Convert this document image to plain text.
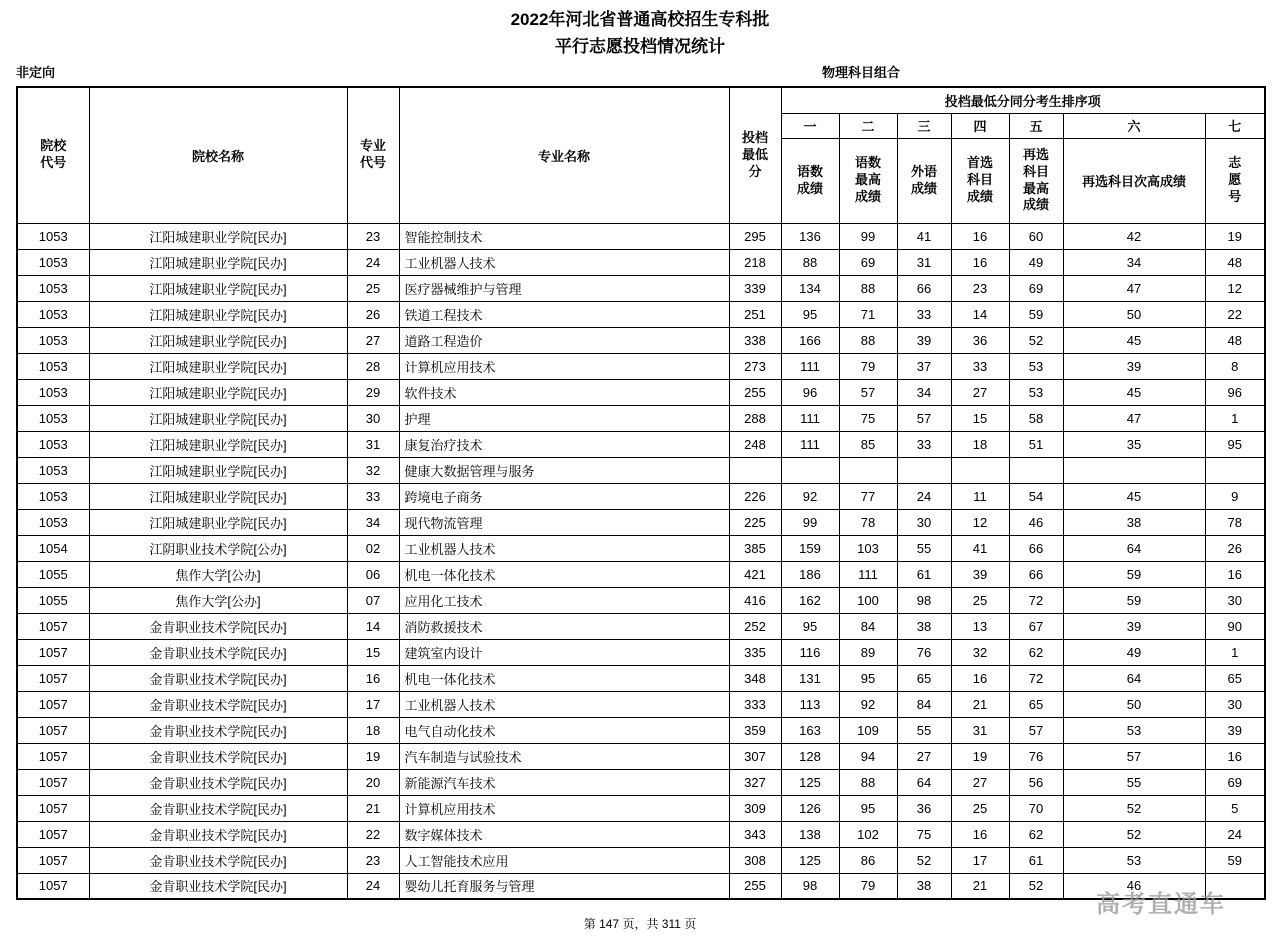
2022年河北省普通高校招生专科批
平行志愿投档情况统计
非定向	物理科目组合
院校代号	院校名称	专业代号	专业名称	投档最低分	投档最低分同分考生排序项						
					一	二	三	四	五	六	七
					语数成绩	语数最高成绩	外语成绩	首选科目成绩	再选科目最高成绩	再选科目次高成绩	志愿号
1053	江阳城建职业学院[民办]	23	智能控制技术	295	136	99	41	16	60	42	19
1053	江阳城建职业学院[民办]	24	工业机器人技术	218	88	69	31	16	49	34	48
1053	江阳城建职业学院[民办]	25	医疗器械维护与管理	339	134	88	66	23	69	47	12
1053	江阳城建职业学院[民办]	26	铁道工程技术	251	95	71	33	14	59	50	22
1053	江阳城建职业学院[民办]	27	道路工程造价	338	166	88	39	36	52	45	48
1053	江阳城建职业学院[民办]	28	计算机应用技术	273	111	79	37	33	53	39	8
1053	江阳城建职业学院[民办]	29	软件技术	255	96	57	34	27	53	45	96
1053	江阳城建职业学院[民办]	30	护理	288	111	75	57	15	58	47	1
1053	江阳城建职业学院[民办]	31	康复治疗技术	248	111	85	33	18	51	35	95
1053	江阳城建职业学院[民办]	32	健康大数据管理与服务								
1053	江阳城建职业学院[民办]	33	跨境电子商务	226	92	77	24	11	54	45	9
1053	江阳城建职业学院[民办]	34	现代物流管理	225	99	78	30	12	46	38	78
1054	江阴职业技术学院[公办]	02	工业机器人技术	385	159	103	55	41	66	64	26
1055	焦作大学[公办]	06	机电一体化技术	421	186	111	61	39	66	59	16
1055	焦作大学[公办]	07	应用化工技术	416	162	100	98	25	72	59	30
1057	金肯职业技术学院[民办]	14	消防救援技术	252	95	84	38	13	67	39	90
1057	金肯职业技术学院[民办]	15	建筑室内设计	335	116	89	76	32	62	49	1
1057	金肯职业技术学院[民办]	16	机电一体化技术	348	131	95	65	16	72	64	65
1057	金肯职业技术学院[民办]	17	工业机器人技术	333	113	92	84	21	65	50	30
1057	金肯职业技术学院[民办]	18	电气自动化技术	359	163	109	55	31	57	53	39
1057	金肯职业技术学院[民办]	19	汽车制造与试验技术	307	128	94	27	19	76	57	16
1057	金肯职业技术学院[民办]	20	新能源汽车技术	327	125	88	64	27	56	55	69
1057	金肯职业技术学院[民办]	21	计算机应用技术	309	126	95	36	25	70	52	5
1057	金肯职业技术学院[民办]	22	数字媒体技术	343	138	102	75	16	62	52	24
1057	金肯职业技术学院[民办]	23	人工智能技术应用	308	125	86	52	17	61	53	59
1057	金肯职业技术学院[民办]	24	婴幼儿托育服务与管理	255	98	79	38	21	52	46	
第 147 页，共 311 页
高考直通车
